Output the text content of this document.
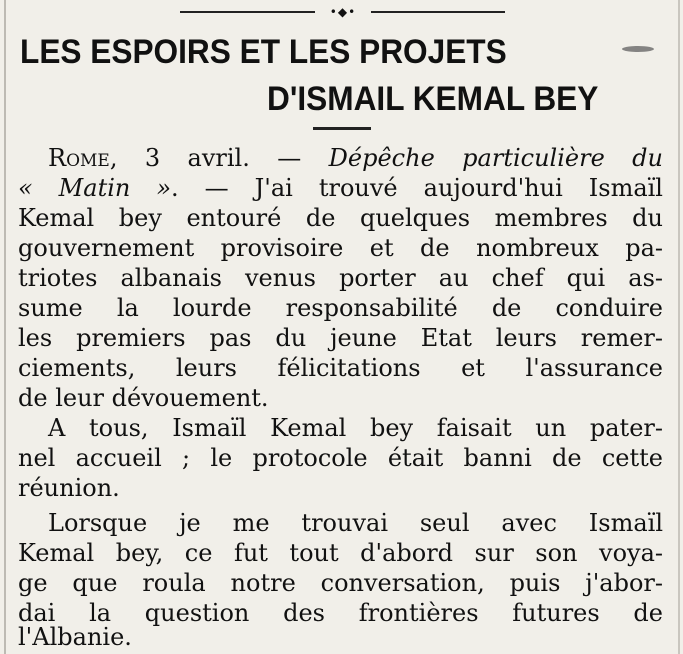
•◆•
LES ESPOIRS ET LES PROJETS
D'ISMAIL KEMAL BEY
Rome, 3 avril. — Dépêche particulière du
« Matin ». — J'ai trouvé aujourd'hui Ismaïl
Kemal bey entouré de quelques membres du
gouvernement provisoire et de nombreux pa-
triotes albanais venus porter au chef qui as-
sume la lourde responsabilité de conduire
les premiers pas du jeune Etat leurs remer-
ciements, leurs félicitations et l'assurance
de leur dévouement.
A tous, Ismaïl Kemal bey faisait un pater-
nel accueil ; le protocole était banni de cette
réunion.
Lorsque je me trouvai seul avec Ismaïl
Kemal bey, ce fut tout d'abord sur son voya-
ge que roula notre conversation, puis j'abor-
dai la question des frontières futures de
l'Albanie.
